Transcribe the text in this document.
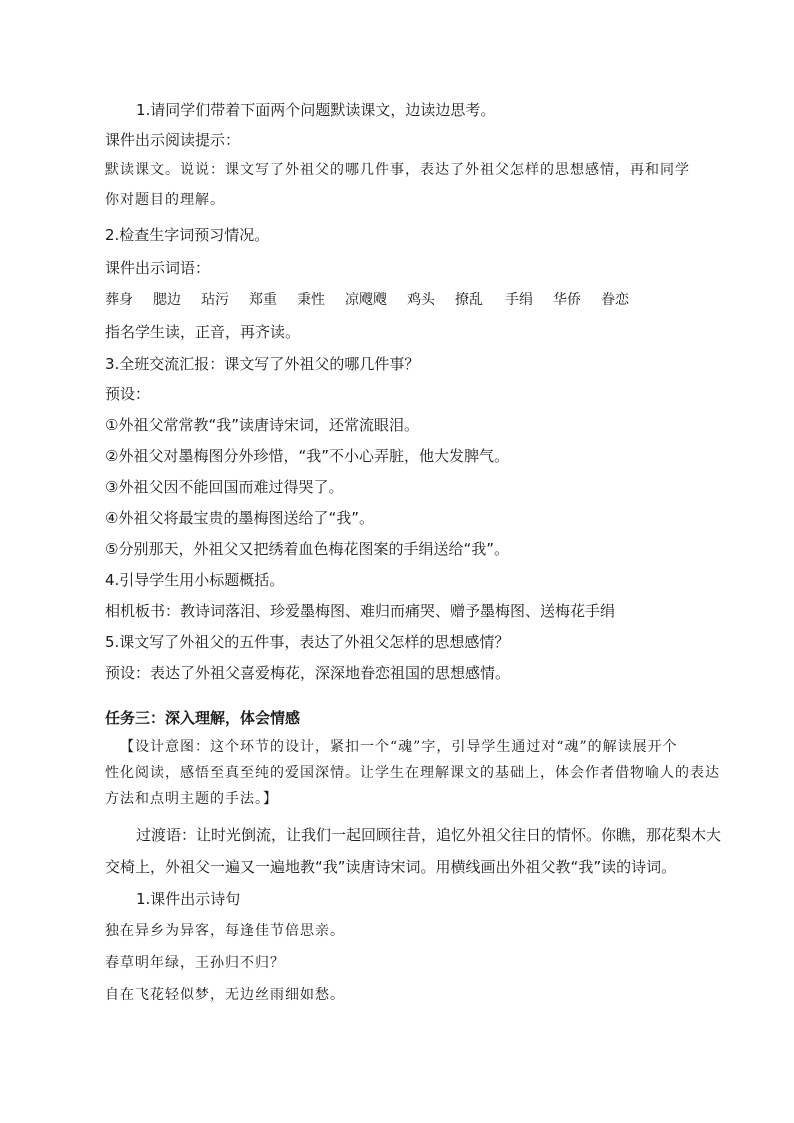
1.请同学们带着下面两个问题默读课文，边读边思考。

课件出示阅读提示：

默读课文。说说：课文写了外祖父的哪几件事，表达了外祖父怎样的思想感情，再和同学

你对题目的理解。

2.检查生字词预习情况。

课件出示词语：

葬身 腮边 玷污 郑重 秉性 凉飕飕 鸡头 撩乱 手绢 华侨 眷恋

指名学生读，正音，再齐读。

3.全班交流汇报：课文写了外祖父的哪几件事？

预设：

①外祖父常常教“我”读唐诗宋词，还常流眼泪。

②外祖父对墨梅图分外珍惜，“我”不小心弄脏，他大发脾气。

③外祖父因不能回国而难过得哭了。

④外祖父将最宝贵的墨梅图送给了“我”。

⑤分别那天，外祖父又把绣着血色梅花图案的手绢送给“我”。

4.引导学生用小标题概括。

相机板书：教诗词落泪、珍爱墨梅图、难归而痛哭、赠予墨梅图、送梅花手绢

5.课文写了外祖父的五件事，表达了外祖父怎样的思想感情？

预设：表达了外祖父喜爱梅花，深深地眷恋祖国的思想感情。

任务三：深入理解，体会情感

【设计意图：这个环节的设计，紧扣一个“魂”字，引导学生通过对“魂”的解读展开个

性化阅读，感悟至真至纯的爱国深情。让学生在理解课文的基础上，体会作者借物喻人的表达

方法和点明主题的手法。】

过渡语：让时光倒流，让我们一起回顾往昔，追忆外祖父往日的情怀。你瞧，那花梨木大

交椅上，外祖父一遍又一遍地教“我”读唐诗宋词。用横线画出外祖父教“我”读的诗词。

1.课件出示诗句

独在异乡为异客，每逢佳节倍思亲。

春草明年绿，王孙归不归？

自在飞花轻似梦，无边丝雨细如愁。
